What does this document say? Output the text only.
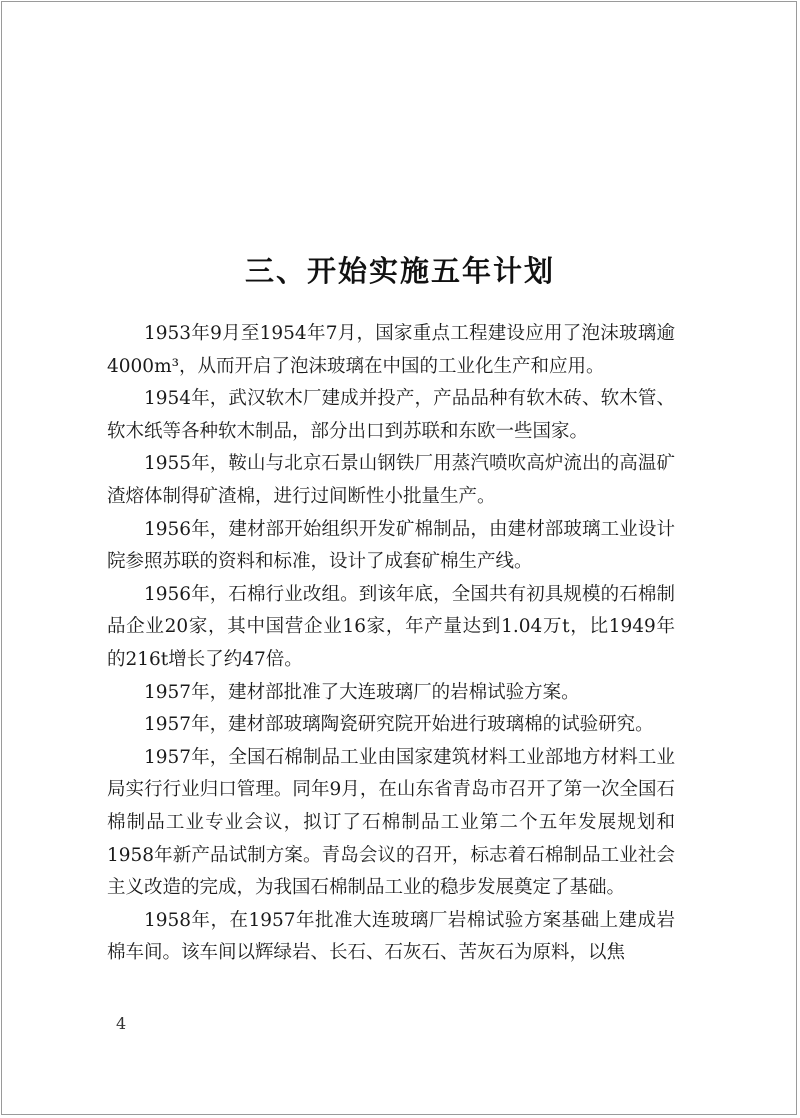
三、开始实施五年计划

1953年9月至1954年7月，国家重点工程建设应用了泡沫玻璃逾4000m³，从而开启了泡沫玻璃在中国的工业化生产和应用。

1954年，武汉软木厂建成并投产，产品品种有软木砖、软木管、软木纸等各种软木制品，部分出口到苏联和东欧一些国家。

1955年，鞍山与北京石景山钢铁厂用蒸汽喷吹高炉流出的高温矿渣熔体制得矿渣棉，进行过间断性小批量生产。

1956年，建材部开始组织开发矿棉制品，由建材部玻璃工业设计院参照苏联的资料和标准，设计了成套矿棉生产线。

1956年，石棉行业改组。到该年底，全国共有初具规模的石棉制品企业20家，其中国营企业16家，年产量达到1.04万t，比1949年的216t增长了约47倍。

1957年，建材部批准了大连玻璃厂的岩棉试验方案。

1957年，建材部玻璃陶瓷研究院开始进行玻璃棉的试验研究。

1957年，全国石棉制品工业由国家建筑材料工业部地方材料工业局实行行业归口管理。同年9月，在山东省青岛市召开了第一次全国石棉制品工业专业会议，拟订了石棉制品工业第二个五年发展规划和1958年新产品试制方案。青岛会议的召开，标志着石棉制品工业社会主义改造的完成，为我国石棉制品工业的稳步发展奠定了基础。

1958年，在1957年批准大连玻璃厂岩棉试验方案基础上建成岩棉车间。该车间以辉绿岩、长石、石灰石、苦灰石为原料，以焦

4
